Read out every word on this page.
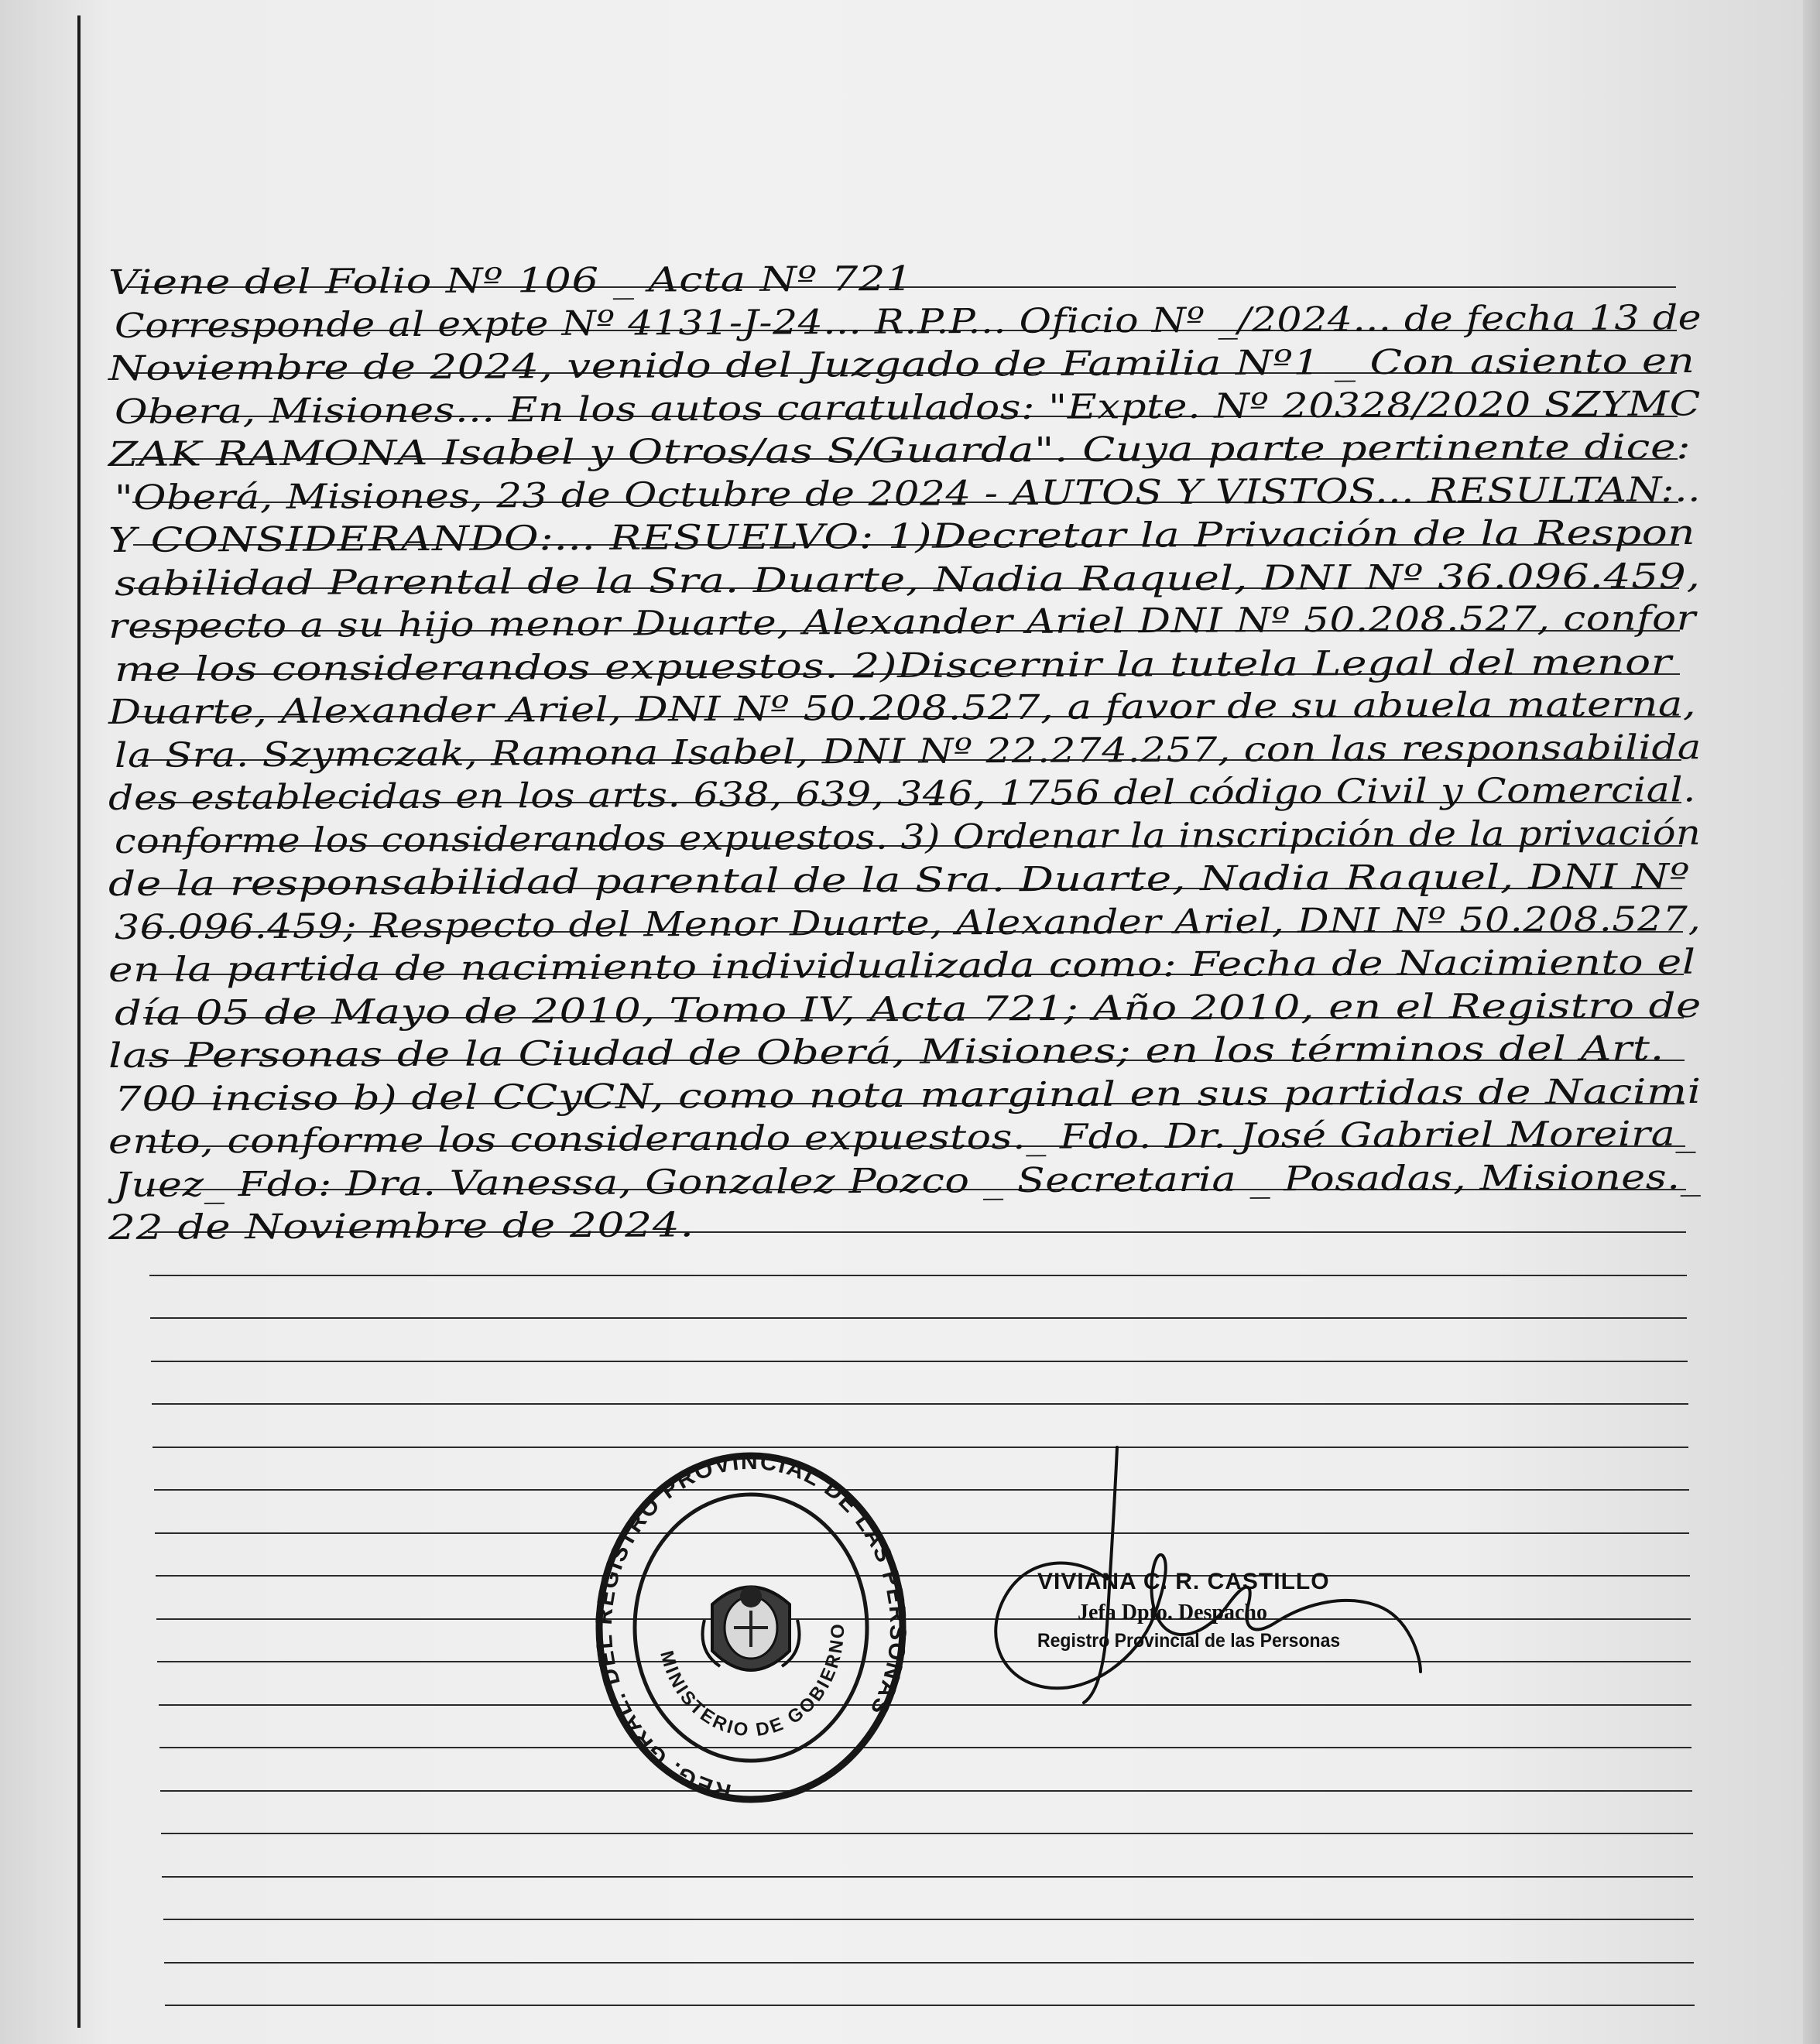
Viene del Folio Nº 106 _ Acta Nº 721
Corresponde al expte Nº 4131-J-24... R.P.P... Oficio Nº _/2024... de fecha 13 de
Noviembre de 2024, venido del Juzgado de Familia Nº1 _ Con asiento en
Obera, Misiones... En los autos caratulados: "Expte. Nº 20328/2020 SZYMC
ZAK RAMONA Isabel y Otros/as S/Guarda". Cuya parte pertinente dice:
"Oberá, Misiones, 23 de Octubre de 2024 - AUTOS Y VISTOS... RESULTAN:..
Y CONSIDERANDO:... RESUELVO: 1)Decretar la Privación de la Respon
sabilidad Parental de la Sra. Duarte, Nadia Raquel, DNI Nº 36.096.459,
respecto a su hijo menor Duarte, Alexander Ariel DNI Nº 50.208.527, confor
me los considerandos expuestos. 2)Discernir la tutela Legal del menor
Duarte, Alexander Ariel, DNI Nº 50.208.527, a favor de su abuela materna,
la Sra. Szymczak, Ramona Isabel, DNI Nº 22.274.257, con las responsabilida
des establecidas en los arts. 638, 639, 346, 1756 del código Civil y Comercial.
conforme los considerandos expuestos. 3) Ordenar la inscripción de la privación
de la responsabilidad parental de la Sra. Duarte, Nadia Raquel, DNI Nº
36.096.459; Respecto del Menor Duarte, Alexander Ariel, DNI Nº 50.208.527,
en la partida de nacimiento individualizada como: Fecha de Nacimiento el
día 05 de Mayo de 2010, Tomo IV, Acta 721; Año 2010, en el Registro de
las Personas de la Ciudad de Oberá, Misiones; en los términos del Art.
700 inciso b) del CCyCN, como nota marginal en sus partidas de Nacimi
ento, conforme los considerando expuestos._ Fdo. Dr. José Gabriel Moreira_
Juez_ Fdo: Dra. Vanessa, Gonzalez Pozco _ Secretaria _ Posadas, Misiones._
22 de Noviembre de 2024.
REG. GRAL. DEL REGISTRO PROVINCIAL DE LAS PERSONAS
MINISTERIO DE GOBIERNO
VIVIANA C. R. CASTILLO
Jefa Dpto. Despacho
Registro Provincial de las Personas
